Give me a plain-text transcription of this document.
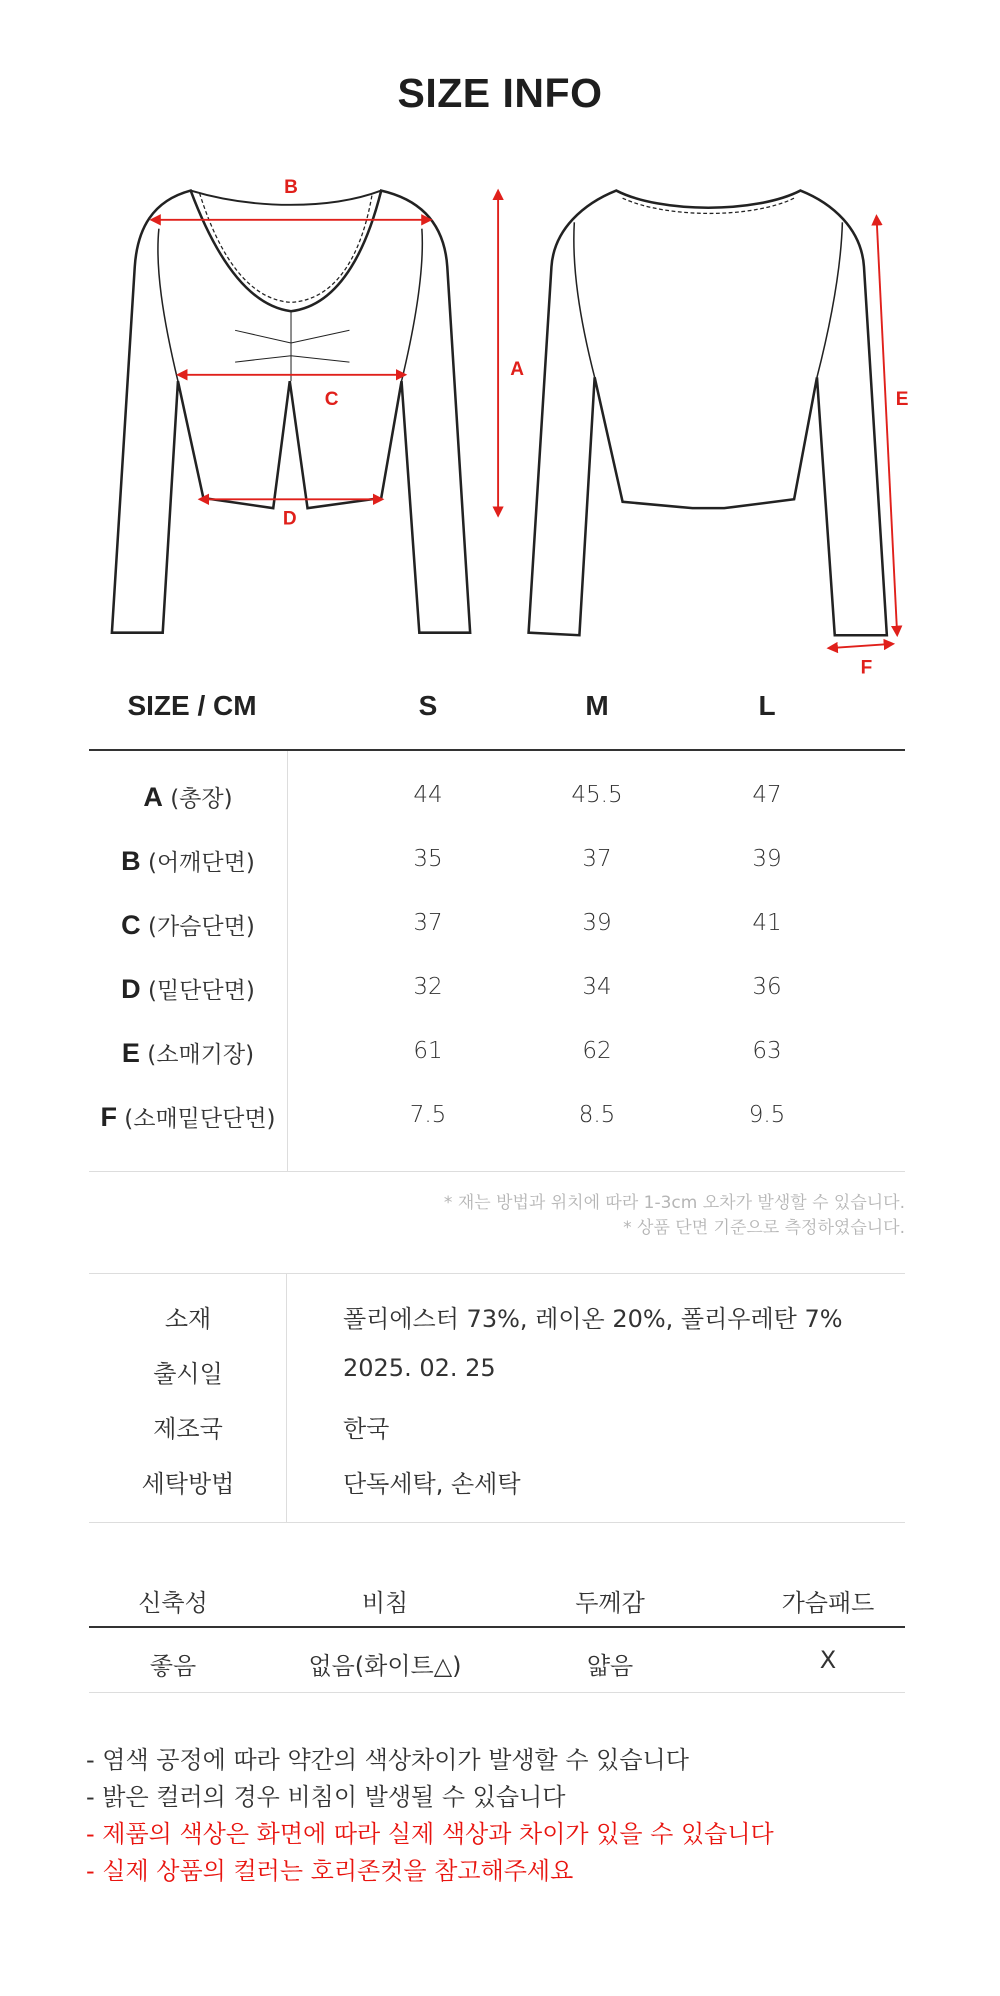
SIZE INFO
B
A
C
D
E
F
SIZE / CM	S	M	L
A (총장)	44	45.5	47
B (어깨단면)	35	37	39
C (가슴단면)	37	39	41
D (밑단단면)	32	34	36
E (소매기장)	61	62	63
F (소매밑단단면)	7.5	8.5	9.5
* 재는 방법과 위치에 따라 1-3cm 오차가 발생할 수 있습니다.
* 상품 단면 기준으로 측정하였습니다.
소재	폴리에스터 73%, 레이온 20%, 폴리우레탄 7%
출시일	2025. 02. 25
제조국	한국
세탁방법	단독세탁, 손세탁
신축성	비침	두께감	가슴패드
좋음	없음(화이트△)	얇음	X
- 염색 공정에 따라 약간의 색상차이가 발생할 수 있습니다
- 밝은 컬러의 경우 비침이 발생될 수 있습니다
- 제품의 색상은 화면에 따라 실제 색상과 차이가 있을 수 있습니다
- 실제 상품의 컬러는 호리존컷을 참고해주세요
